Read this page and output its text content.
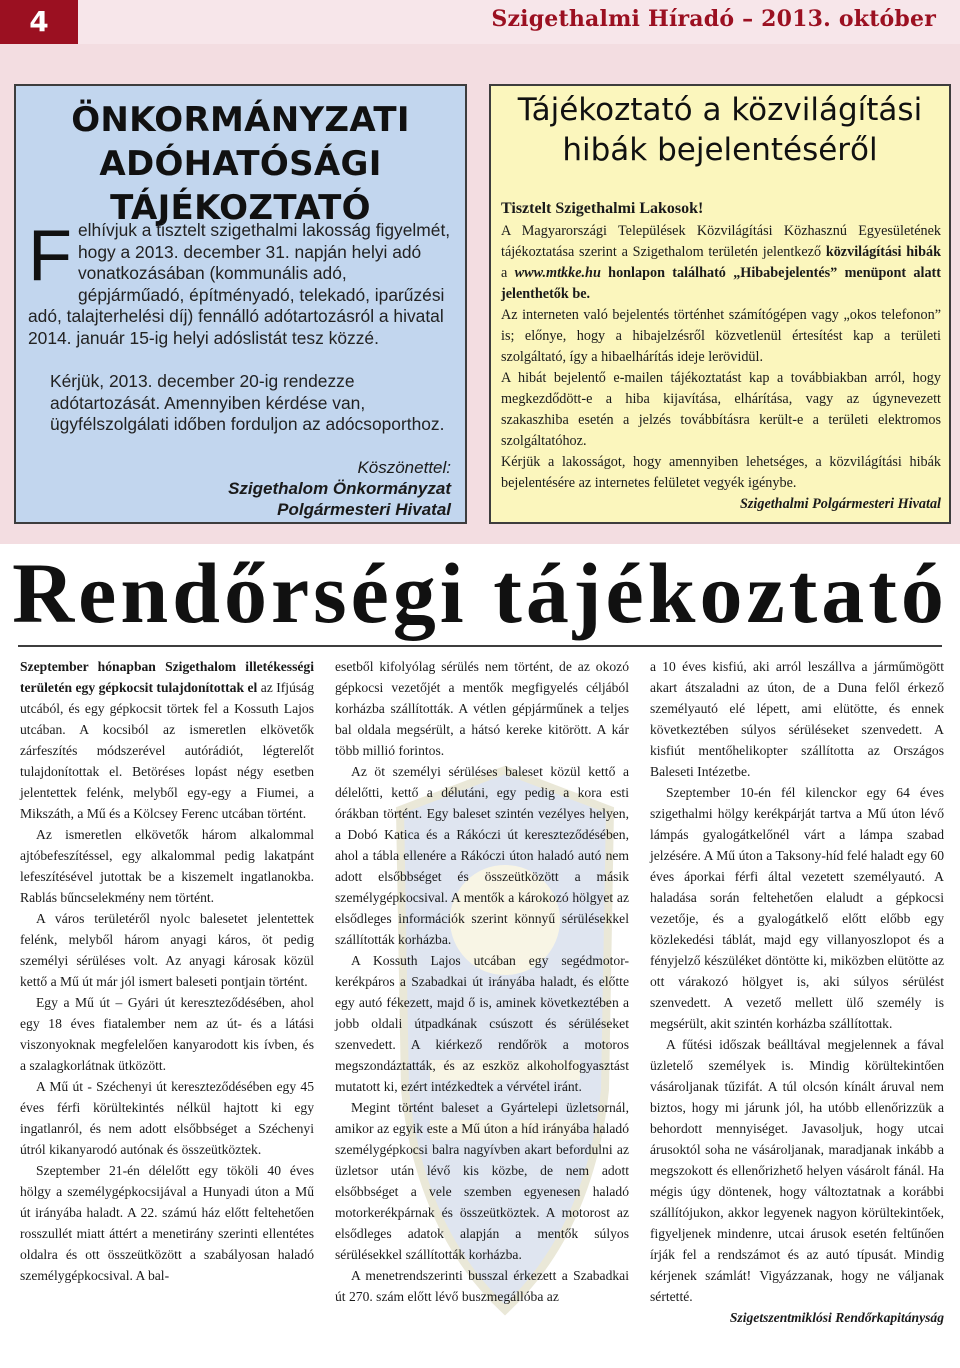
4	Szigethalmi Híradó – 2013. október
ÖNKORMÁNYZATI
ADÓHATÓSÁGI TÁJÉKOZTATÓ

Felhívjuk a tisztelt szigethalmi lakosság figyelmét, hogy a 2013. december 31. napján helyi adó vonatkozásában (kommunális adó, gépjárműadó, építményadó, telekadó, iparűzési adó, talajterhelési díj) fennálló adótartozásról a hivatal 2014. január 15-ig helyi adóslistát tesz közzé.

Kérjük, 2013. december 20-ig rendezze adótartozását. Amennyiben kérdése van, ügyfélszolgálati időben forduljon az adócsoporthoz.

Köszönettel:
Szigethalom Önkormányzat
Polgármesteri Hivatal
Tájékoztató a közvilágítási
hibák bejelentéséről

Tisztelt Szigethalmi Lakosok!

A Magyarországi Települések Közvilágítási Közhasznú Egyesületének tájékoztatása szerint a Szigethalom területén jelentkező közvilágítási hibák a www.mtkke.hu honlapon található „Hibabejelentés” menüpont alatt jelenthetők be.

Az interneten való bejelentés történhet számítógépen vagy „okos telefonon” is; előnye, hogy a hibajelzésről közvetlenül értesítést kap a területi szolgáltató, így a hibaelhárítás ideje lerövidül.

A hibát bejelentő e-mailen tájékoztatást kap a továbbiakban arról, hogy megkezdődött-e a hiba kijavítása, elhárítása, vagy az úgynevezett szakaszhiba esetén a jelzés továbbításra került-e a területi elektromos szolgáltatóhoz.

Kérjük a lakosságot, hogy amennyiben lehetséges, a közvilágítási hibák bejelentésére az internetes felületet vegyék igénybe.

Szigethalmi Polgármesteri Hivatal

Rendőrségi tájékoztató

Szeptember hónapban Szigethalom illetékességi területén egy gépkocsit tulajdonítottak el az Ifjúság utcából, és egy gépkocsit törtek fel a Kossuth Lajos utcában. A kocsiból az ismeretlen elkövetők zárfeszítés módszerével autórádiót, légterelőt tulajdonítottak el. Betöréses lopást négy esetben jelentettek felénk, melyből egy-egy a Fiumei, a Mikszáth, a Mű és a Kölcsey Ferenc utcában történt.

Az ismeretlen elkövetők három alkalommal ajtóbefeszítéssel, egy alkalommal pedig lakatpánt lefeszítésével jutottak be a kiszemelt ingatlanokba. Rablás bűncselekmény nem történt.

A város területéről nyolc balesetet jelentettek felénk, melyből három anyagi káros, öt pedig személyi sérüléses volt. Az anyagi károsak közül kettő a Mű út már jól ismert baleseti pontjain történt.

Egy a Mű út – Gyári út kereszteződésében, ahol egy 18 éves fiatalember nem az út- és a látási viszonyoknak megfelelően kanyarodott kis ívben, és a szalagkorlátnak ütközött.

A Mű út - Széchenyi út kereszteződésében egy 45 éves férfi körültekintés nélkül hajtott ki egy ingatlanról, és nem adott elsőbbséget a Széchenyi útról kikanyarodó autónak és összeütköztek.

Szeptember 21-én délelőtt egy tököli 40 éves hölgy a személygépkocsijával a Hunyadi úton a Mű út irányába haladt. A 22. számú ház előtt feltehetően rosszullét miatt áttért a menetirány szerinti ellentétes oldalra és ott összeütközött a szabályosan haladó személygépkocsival. A bal-

esetből kifolyólag sérülés nem történt, de az okozó gépkocsi vezetőjét a mentők megfigyelés céljából korházba szállították. A vétlen gépjárműnek a teljes bal oldala megsérült, a hátsó kereke kitörött. A kár több millió forintos.

Az öt személyi sérüléses baleset közül kettő a délelőtti, kettő a délutáni, egy pedig a kora esti órákban történt. Egy baleset szintén vezélyes helyen, a Dobó Katica és a Rákóczi út kereszteződésében, ahol a tábla ellenére a Rákóczi úton haladó autó nem adott elsőbbséget és összeütközött a másik személygépkocsival. A mentők a károkozó hölgyet az elsődleges információk szerint könnyű sérülésekkel szállították korházba.

A Kossuth Lajos utcában egy segédmotor-kerékpáros a Szabadkai út irányába haladt, és előtte egy autó fékezett, majd ő is, aminek következtében a jobb oldali útpadkának csúszott és sérüléseket szenvedett. A kiérkező rendőrök a motoros megszondáztatták, és az eszköz alkoholfogyasztást mutatott ki, ezért intézkedtek a vérvétel iránt.

Megint történt baleset a Gyártelepi üzletsornál, amikor az egyik este a Mű úton a híd irányába haladó személygépkocsi balra nagyívben akart befordulni az üzletsor után lévő kis közbe, de nem adott elsőbbséget a vele szemben egyenesen haladó motorkerékpárnak és összeütköztek. A motorost az elsődleges adatok alapján a mentők súlyos sérülésekkel szállították korházba.

A menetrendszerinti busszal érkezett a Szabadkai út 270. szám előtt lévő buszmegállóba az

a 10 éves kisfiú, aki arról leszállva a járműmögött akart átszaladni az úton, de a Duna felől érkező személyautó elé lépett, ami elütötte, és ennek következtében súlyos sérüléseket szenvedett. A kisfiút mentőhelikopter szállította az Országos Baleseti Intézetbe.

Szeptember 10-én fél kilenckor egy 64 éves szigethalmi hölgy kerékpárját tartva a Mű úton lévő lámpás gyalogátkelőnél várt a lámpa szabad jelzésére. A Mű úton a Taksony-híd felé haladt egy 60 éves áporkai férfi által vezetett személyautó. A haladása során feltehetően elaludt a gépkocsi vezetője, és a gyalogátkelő előtt előbb egy közlekedési táblát, majd egy villanyoszlopot és a fényjelző készüléket döntötte ki, miközben elütötte az ott várakozó hölgyet is, aki súlyos sérülést szenvedett. A vezető mellett ülő személy is megsérült, akit szintén korházba szállítottak.

A fűtési időszak beálltával megjelennek a fával üzletelő személyek is. Mindig körültekintően vásároljanak tűzifát. A túl olcsón kínált áruval nem biztos, hogy mi járunk jól, ha utóbb ellenőrizzük a behordott mennyiséget. Javasoljuk, hogy utcai árusoktól soha ne vásároljanak, maradjanak inkább a megszokott és ellenőrizhető helyen vásárolt fánál. Ha mégis úgy döntenek, hogy változtatnak a korábbi szállítójukon, akkor legyenek nagyon körültekintőek, figyeljenek mindenre, utcai árusok esetén feltűnően írják fel a rendszámot és az autó típusát. Mindig kérjenek számlát! Vigyázzanak, hogy ne váljanak sértetté.

Szigetszentmiklósi Rendőrkapitányság
